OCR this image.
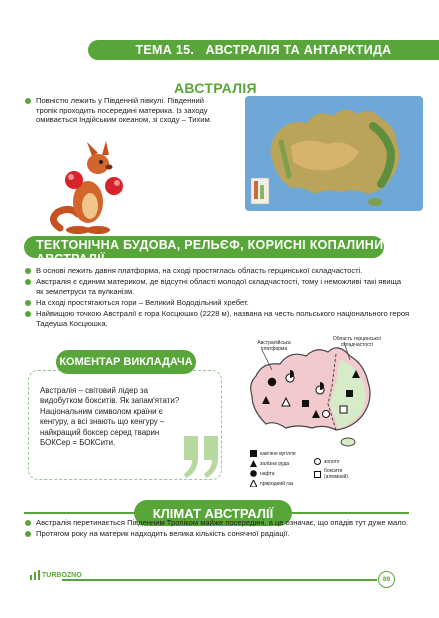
ТЕМА 15.   АВСТРАЛІЯ ТА АНТАРКТИДА
АВСТРАЛІЯ
Повністю лежить у Південній півкулі. Південний тропік проходить посередині материка. Із заходу омивається Індійським океаном, зі сходу – Тихим.
ТЕКТОНІЧНА БУДОВА, РЕЛЬЄФ, КОРИСНІ КОПАЛИНИ АВСТРАЛІЇ
В основі лежить давня платформа, на сході простяглась область герцинської складчастості.
Австралія є єдиним материком, де відсутні області молодої складчастості, тому і неможливі такі явища як землетруси та вулканізм.
На сході простягаються гори – Великий Вододільний хребет.
Найвищою точкою Австралії є гора Косцюшко (2228 м), названа на честь польського національного героя Тадеуша Косцюшка.
КОМЕНТАР ВИКЛАДАЧА
Австралія – світовий лідер за видобутком бокситів. Як запам'ятати? Національним символом країни є кенгуру, а всі знають що кенгуру – найкращий боксер серед тварин БОКСер = БОКСити.
Австралійська платформа
Область герцинської складчастості
кам'яне вугілля
залізна руда
нафта
природний газ
золото
боксити (алюміній)
КЛІМАТ АВСТРАЛІЇ
Австралія перетинається Південним Тропіком майже посередині, а це означає, що опадів тут дуже мало.
Протягом року на материк надходить велика кількість сонячної радіації.
TURBOZNO
89
